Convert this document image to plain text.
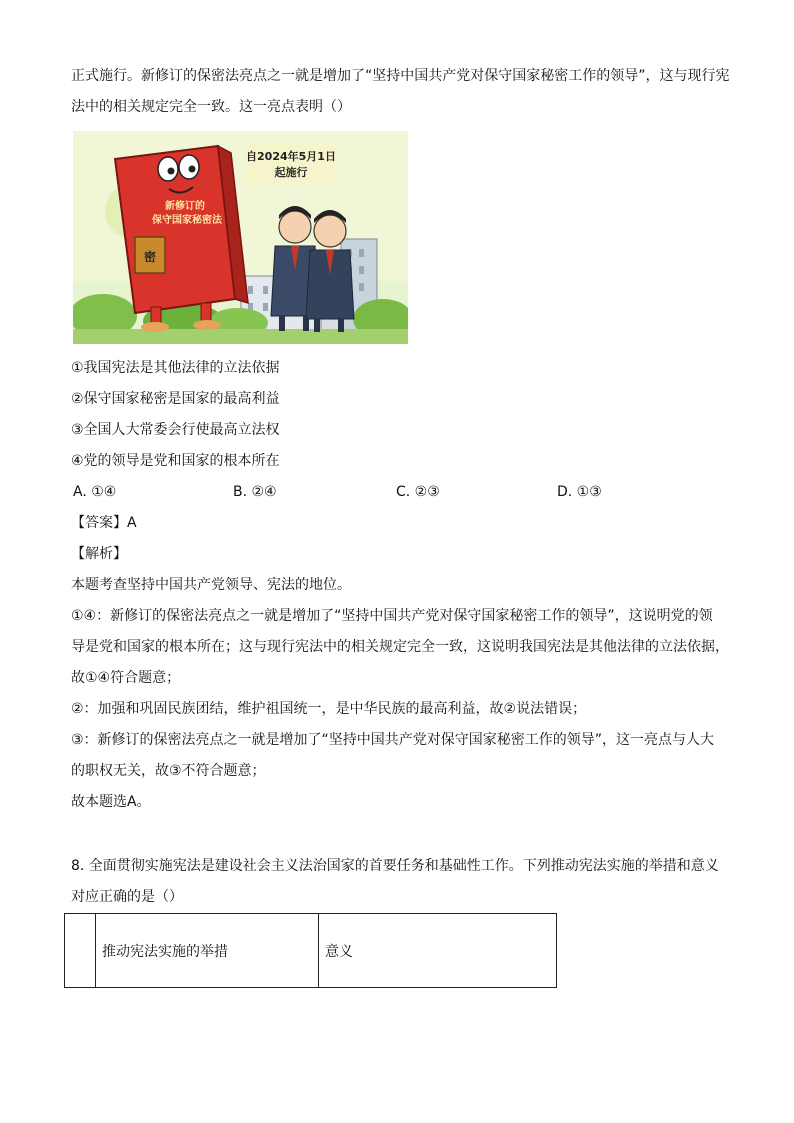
正式施行。新修订的保密法亮点之一就是增加了“坚持中国共产党对保守国家秘密工作的领导”，这与现行宪
法中的相关规定完全一致。这一亮点表明（）
自2024年5月1日
起施行
新修订的
保守国家秘密法
密
①我国宪法是其他法律的立法依据
②保守国家秘密是国家的最高利益
③全国人大常委会行使最高立法权
④党的领导是党和国家的根本所在
A. ①④	B. ②④	C. ②③	D. ①③
【答案】A
【解析】
本题考查坚持中国共产党领导、宪法的地位。
①④：新修订的保密法亮点之一就是增加了“坚持中国共产党对保守国家秘密工作的领导”，这说明党的领
导是党和国家的根本所在；这与现行宪法中的相关规定完全一致，这说明我国宪法是其他法律的立法依据，
故①④符合题意；
②：加强和巩固民族团结，维护祖国统一，是中华民族的最高利益，故②说法错误；
③：新修订的保密法亮点之一就是增加了“坚持中国共产党对保守国家秘密工作的领导”，这一亮点与人大
的职权无关，故③不符合题意；
故本题选A。
8. 全面贯彻实施宪法是建设社会主义法治国家的首要任务和基础性工作。下列推动宪法实施的举措和意义
对应正确的是（）
	推动宪法实施的举措	意义
